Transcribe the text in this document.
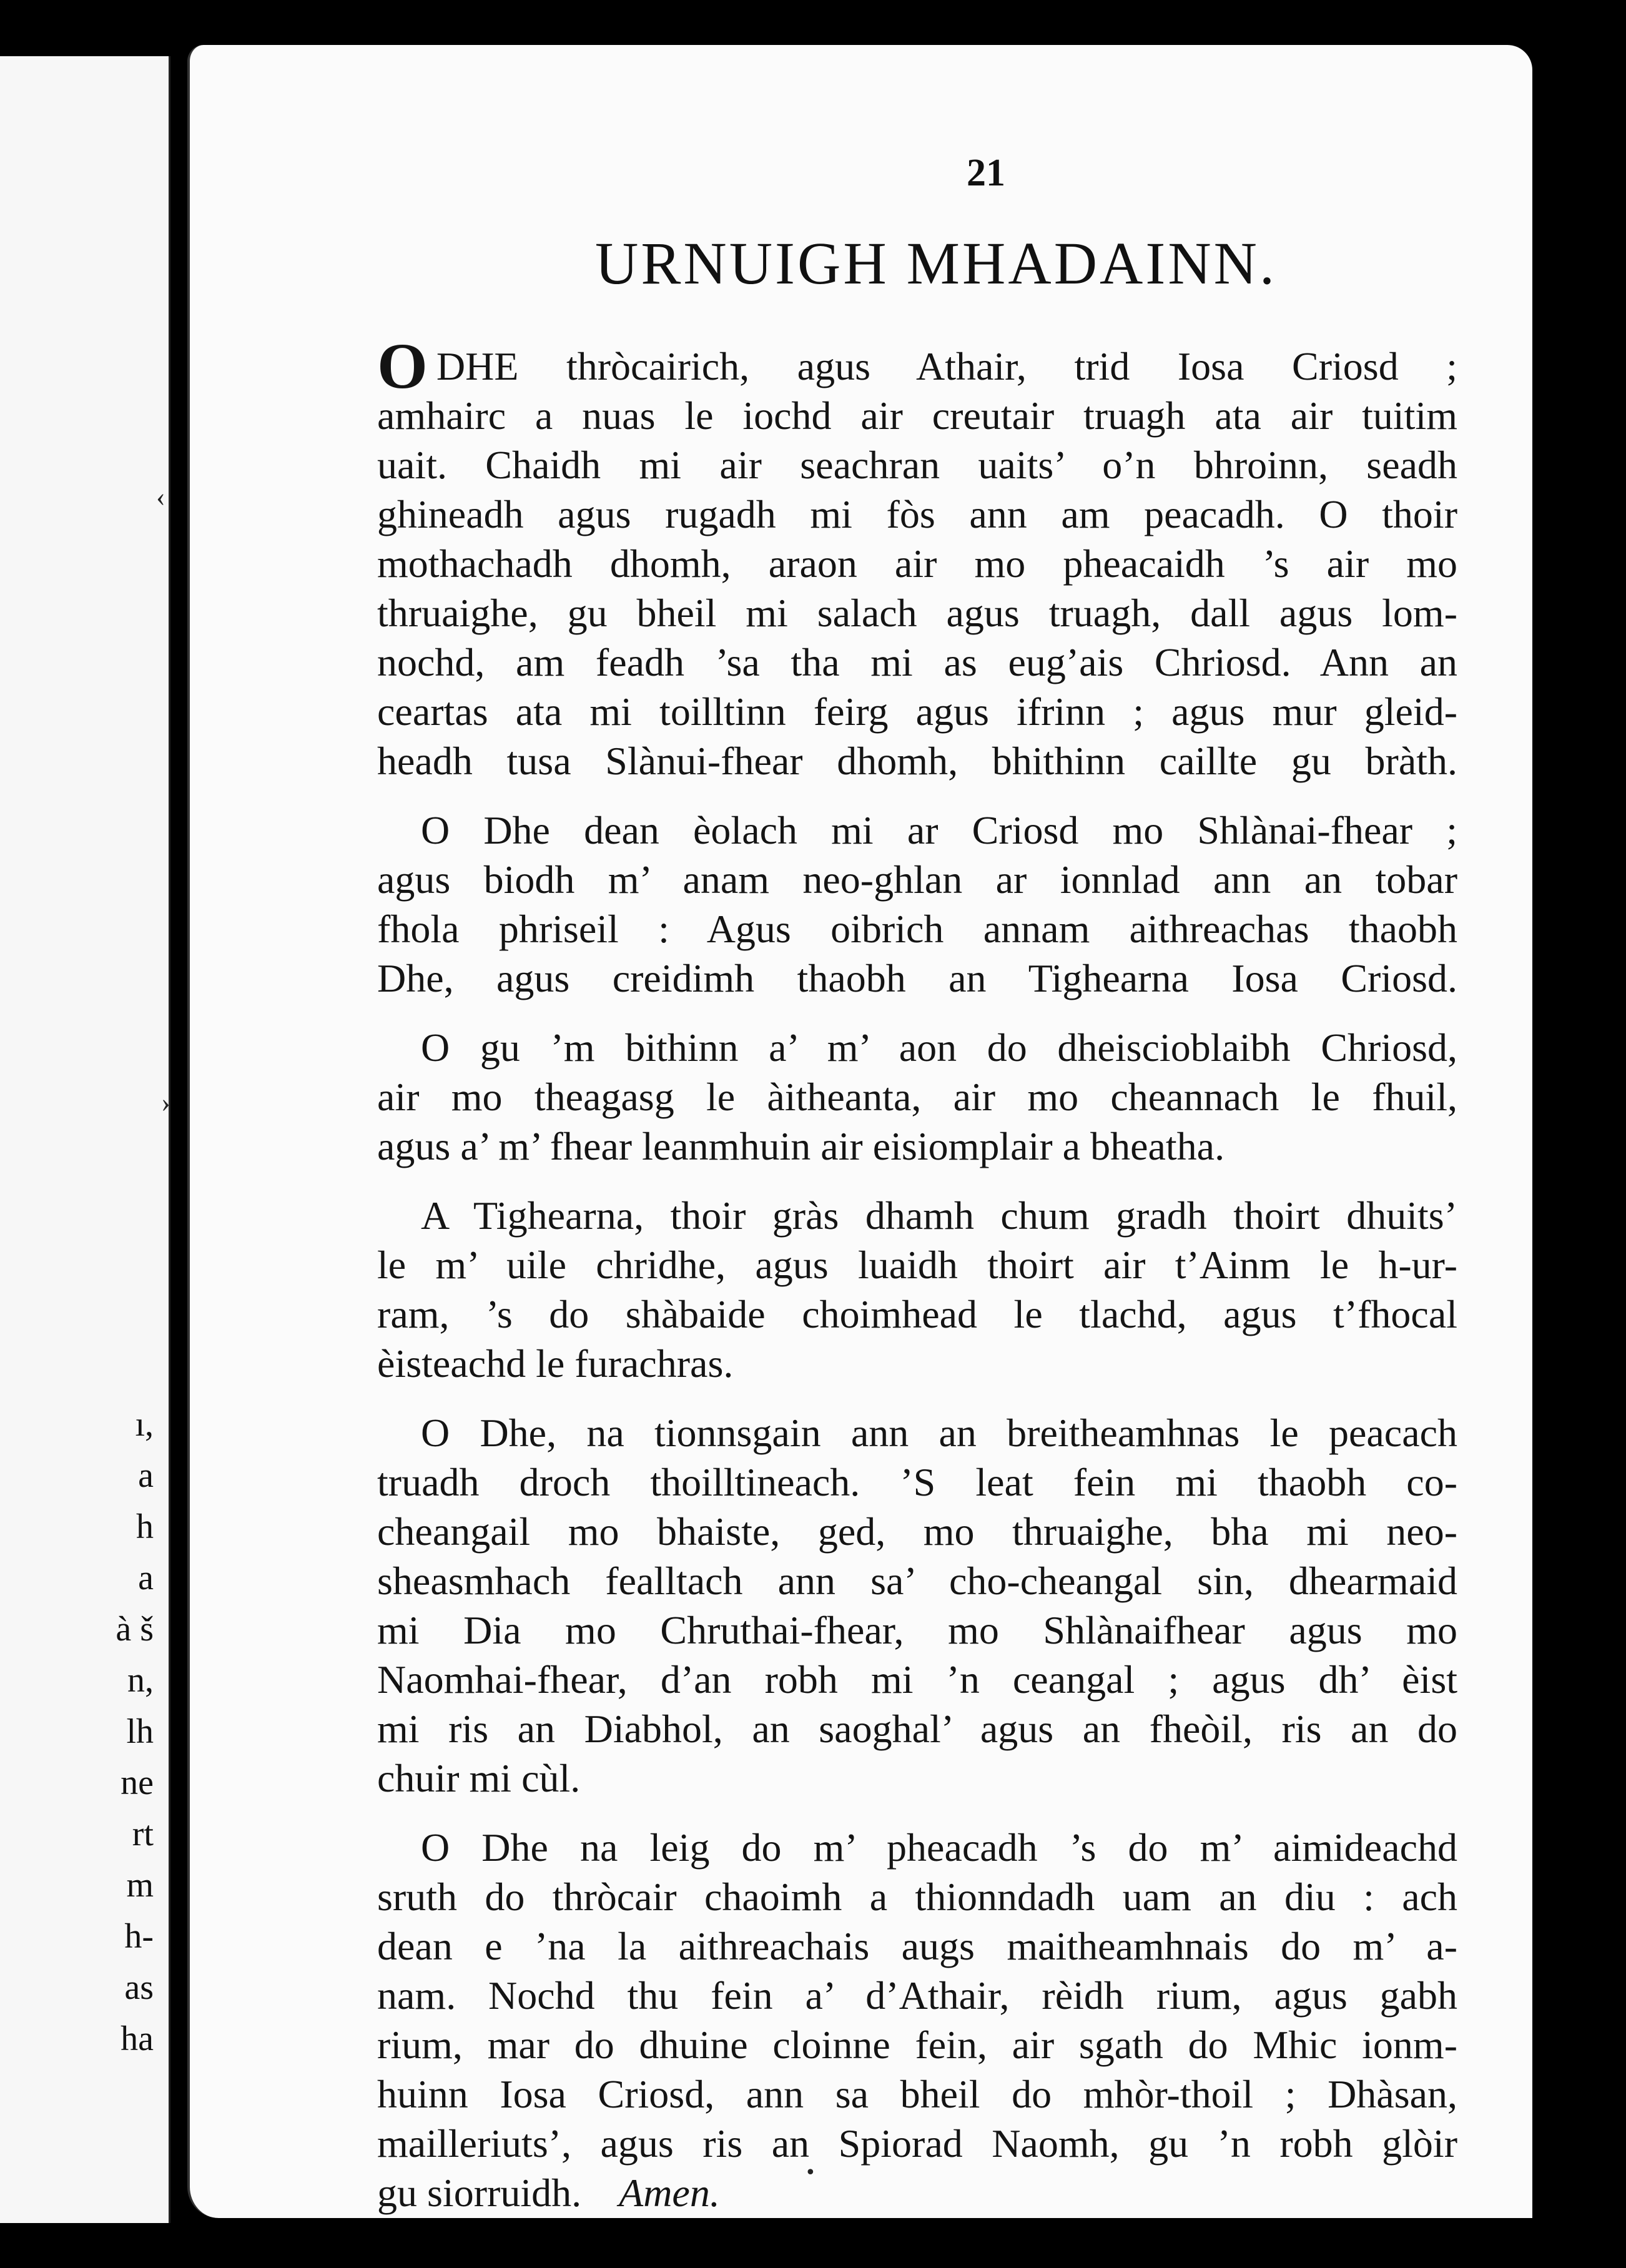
‹
›
ı,
a
h
a
à š
n,
lh
ne
rt
m
h-
as
ha
21
URNUIGH MHADAINN.
ODHE thròcairich, agus Athair, trid Iosa Criosd ;
amhairc a nuas le iochd air creutair truagh ata air tuitim
uait. Chaidh mi air seachran uaits’ o’n bhroinn, seadh
ghineadh agus rugadh mi fòs ann am peacadh. O thoir
mothachadh dhomh, araon air mo pheacaidh ’s air mo
thruaighe, gu bheil mi salach agus truagh, dall agus lom-
nochd, am feadh ’sa tha mi as eug’ais Chriosd. Ann an
ceartas ata mi toilltinn feirg agus ifrinn ; agus mur gleid-
headh tusa Slànui-fhear dhomh, bhithinn caillte gu bràth.
O Dhe dean èolach mi ar Criosd mo Shlànai-fhear ;
agus biodh m’ anam neo-ghlan ar ionnlad ann an tobar
fhola phriseil : Agus oibrich annam aithreachas thaobh
Dhe, agus creidimh thaobh an Tighearna Iosa Criosd.
O gu ’m bithinn a’ m’ aon do dheiscioblaibh Chriosd,
air mo theagasg le àitheanta, air mo cheannach le fhuil,
agus a’ m’ fhear leanmhuin air eisiomplair a bheatha.
A Tighearna, thoir gràs dhamh chum gradh thoirt dhuits’
le m’ uile chridhe, agus luaidh thoirt air t’Ainm le h-ur-
ram, ’s do shàbaide choimhead le tlachd, agus t’fhocal
èisteachd le furachras.
O Dhe, na tionnsgain ann an breitheamhnas le peacach
truadh droch thoilltineach. ’S leat fein mi thaobh co-
cheangail mo bhaiste, ged, mo thruaighe, bha mi neo-
sheasmhach fealltach ann sa’ cho-cheangal sin, dhearmaid
mi Dia mo Chruthai-fhear, mo Shlànaifhear agus mo
Naomhai-fhear, d’an robh mi ’n ceangal ; agus dh’ èist
mi ris an Diabhol, an saoghal’ agus an fheòil, ris an do
chuir mi cùl.
O Dhe na leig do m’ pheacadh ’s do m’ aimideachd
sruth do thròcair chaoimh a thionndadh uam an diu : ach
dean e ’na la aithreachais augs maitheamhnais do m’ a-
nam. Nochd thu fein a’ d’Athair, rèidh rium, agus gabh
rium, mar do dhuine cloinne fein, air sgath do Mhic ionm-
huinn Iosa Criosd, ann sa bheil do mhòr-thoil ; Dhàsan,
mailleriuts’, agus ris an Spiorad Naomh, gu ’n robh glòir
gu siorruidh. Amen.	•
